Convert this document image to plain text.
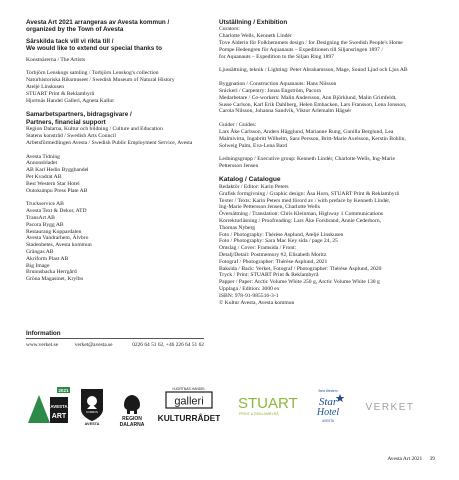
Avesta Art 2021 arrangeras av Avesta kommun /
organized by the Town of Avesta
Särskilda tack vill vi rikta till /
We would like to extend our special thanks to
Konstnärerna / The Artists
Torbjörn Lenskogs samling / Torbjörn Lenskog's collection
Naturhistoriska Riksmuseet / Swedish Museum of Natural History
Ateljé Linskusen
STUART Print & Reklambyrå
Hjortnäs Handel Galleri, Agneta Kallur
Samarbetspartners, bidragsgivare /
Partners, financial support
Region Dalarna, Kultur och bildning / Culture and Education
Statens konstråd / Swedish Arts Council
Arbetsförmedlingen Avesta / Swedish Public Employment Service, Avesta
Avesta Tidning
Annonsbladet
AB Karl Hedin Bygghandel
Pet Kvadrat AB
Best Western Star Hotel
Outokumpu Press Plate AB
Truckservice AB
Avesta Text & Dekor, ATD
TransArt AB
Pacora Bygg AB
Restaurang Koppardalen
Avesta Vandrarhem, Älvbro
Stadenhetes, Avesta kommun
Grängas AB
Akriform Plast AB
Big Image
Brunnsbacka Herrgård
Gröna Magasinet, Krylbo
Information
www.verket.se	verket@avesta.se	0226 64 51 62, +46 226 64 51 62
Utställning / Exhibition
Curators:
Charlotte Wells, Kenneth Lindér
Tove Alderin för Folkhemmets design / for Designing the Swedish People's Home
Pompe Hedengren för Aquanauts – Expeditionen till Siljansringen 1897 /
for Aquanauts – Expedition to the Siljan Ring 1897
Ljussättning, teknik / Lighting: Peter Abrahamsson, Mage, Sound Ljud och Ljus AB
Byggnation / Construction Aquanauts: Hans Nilsson
Snickeri / Carpentry: Jonas Engström, Pacora
Medarbetare / Co-workers: Malin Andersson, Ann Björklund, Malin Grimfeldt,
Susse Carlson, Karl Erik Dahlberg, Helen Emhacken, Lars Fransson, Lena Jonsson,
Carola Nilsson, Johanna Sandvik, Viktor Arlemalm Hägsér
Guider / Guides:
Lars Åke Carlsson, Anders Hägglund, Marianne Rung, Gunilla Berglund, Lea
Malmivirta, Ingabritt Wilhelm, Sara Persson, Britt-Marie Axelsson, Kerstin Bohlin,
Solweig Palm, Eva-Lena Bard
Ledningsgrupp / Executive group: Kenneth Lindér, Charlotte Wells, Ing-Marie
Pettersson Jensen
Katalog / Catalogue
Redaktör / Editor: Karin Peters
Grafisk formgivning / Graphic design: Åsa Horn, STUART Print & Reklambyrå
Texter / Texts: Karin Peters med förord av / with preface by Kenneth Lindér,
Ing-Marie Pettersson Jensen, Charlotte Wells
Översättning / Translation: Chris Kleinman, Highway 1 Communications
Korrekturläsning / Proofreading: Lars Åke Forsbrand, Annie Cederborn,
Thomas Nyberg
Foto / Photography: Thérèse Asplund, Ateljé Linskusen
Foto / Photography: Sara Mac Key sida / page 24, 25
Omslag / Cover: Framsida / Front:
Detalj/Detail: Postmemory #2, Elisabeth Moritz
Fotograf / Photographer: Thérèse Asplund, 2021
Baksida / Back: Verket, Fotograf / Photographer: Thérèse Asplund, 2020
Tryck / Print: STUART Print & Reklambyrå
Papper / Paper: Arctic Volume White 250 g, Arctic Volume White 130 g
Upplaga / Edition: 3000 ex
ISBN: 978-91-985516-3-1
© Kultur Avesta, Avesta kommun
2021
AVESTA
ART
AVESTA
KOMMUN
REGION
DALARNA
HJORTNÄS HANDEL
galleri
KULTURRÅDET
STUART
PRINT & REKLAMBYRÅ
Best Western
Star
Hotel
AVESTA
VERKET
Avesta Art 2021 39
